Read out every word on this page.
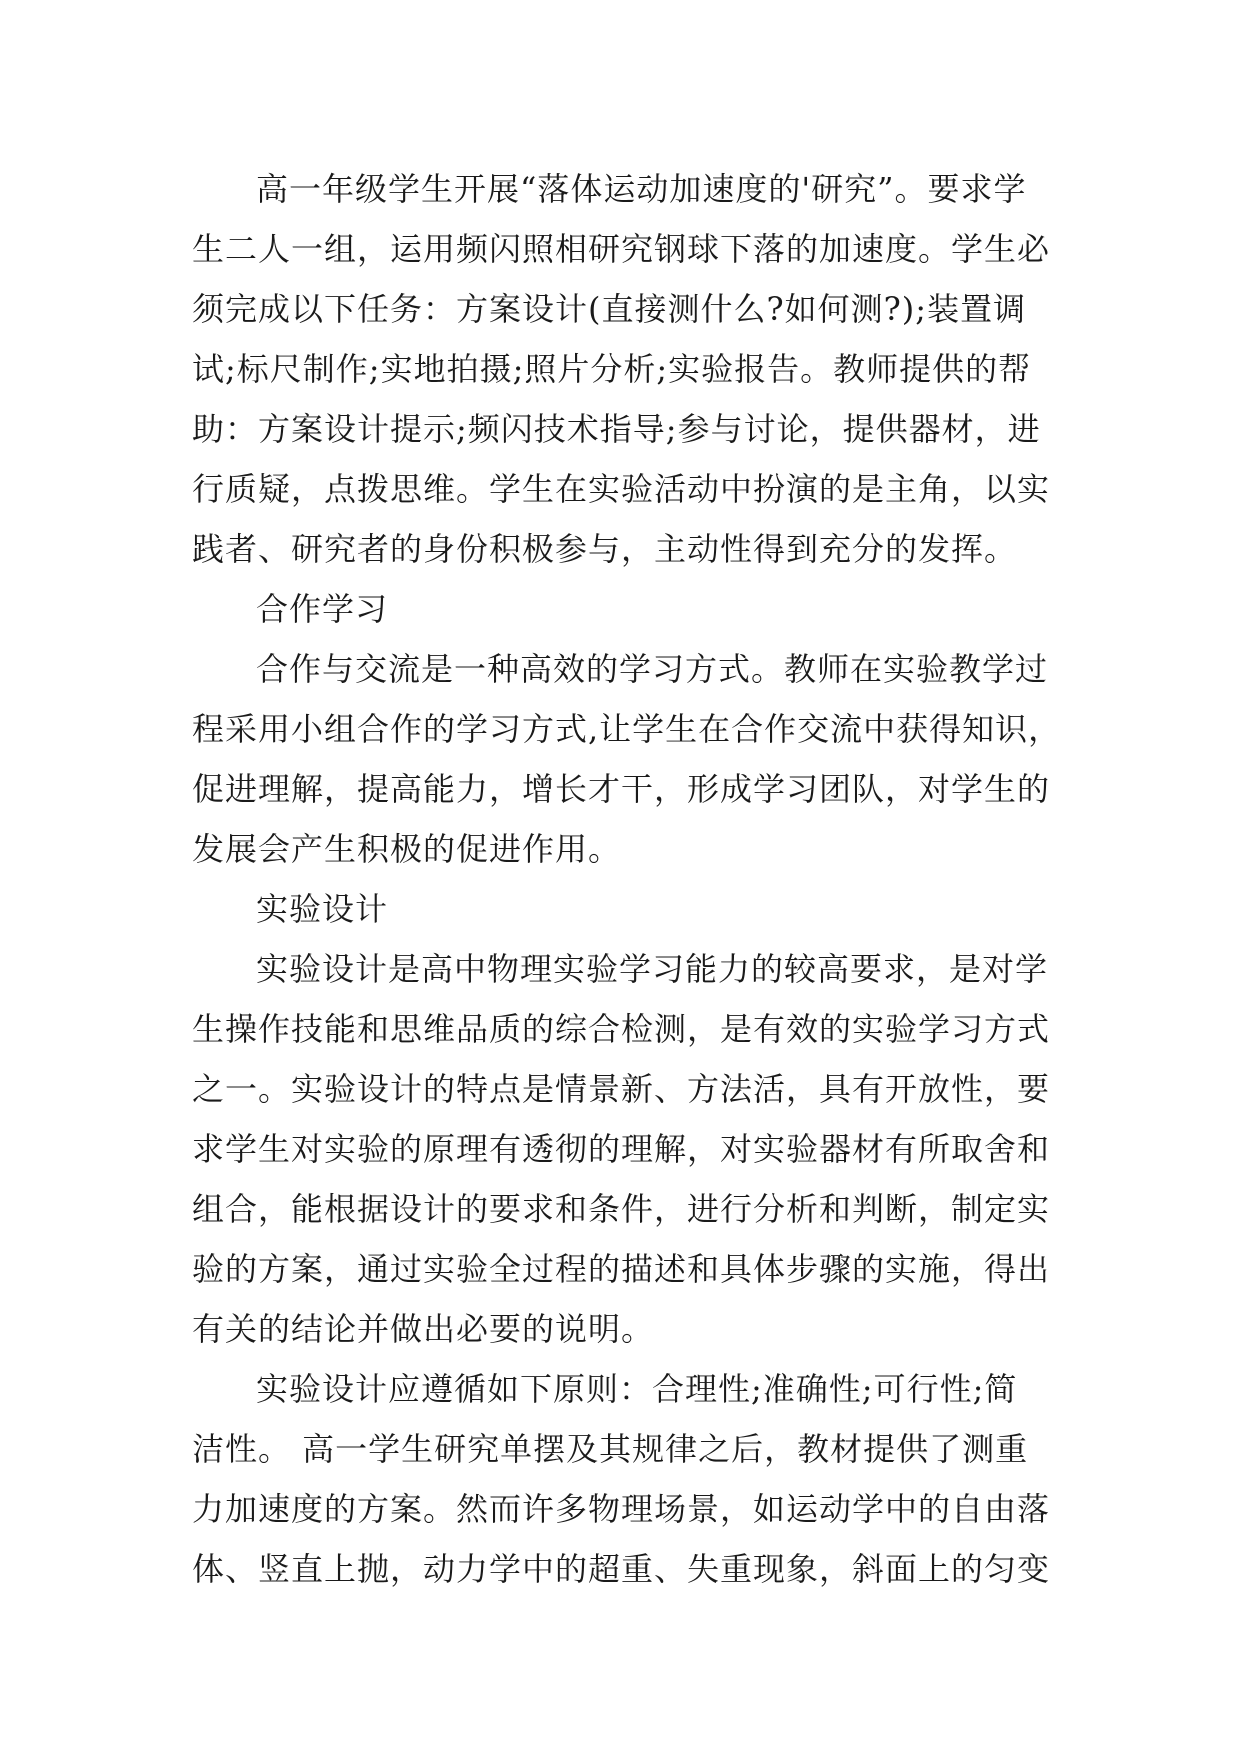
高一年级学生开展“落体运动加速度的'研究”。要求学
生二人一组，运用频闪照相研究钢球下落的加速度。学生必
须完成以下任务：方案设计(直接测什么?如何测?);装置调
试;标尺制作;实地拍摄;照片分析;实验报告。教师提供的帮
助：方案设计提示;频闪技术指导;参与讨论，提供器材，进
行质疑，点拨思维。学生在实验活动中扮演的是主角，以实
践者、研究者的身份积极参与，主动性得到充分的发挥。
合作学习
合作与交流是一种高效的学习方式。教师在实验教学过
程采用小组合作的学习方式,让学生在合作交流中获得知识，
促进理解，提高能力，增长才干，形成学习团队，对学生的
发展会产生积极的促进作用。
实验设计
实验设计是高中物理实验学习能力的较高要求，是对学
生操作技能和思维品质的综合检测，是有效的实验学习方式
之一。实验设计的特点是情景新、方法活，具有开放性，要
求学生对实验的原理有透彻的理解，对实验器材有所取舍和
组合，能根据设计的要求和条件，进行分析和判断，制定实
验的方案，通过实验全过程的描述和具体步骤的实施，得出
有关的结论并做出必要的说明。
实验设计应遵循如下原则：合理性;准确性;可行性;简
洁性。 高一学生研究单摆及其规律之后，教材提供了测重
力加速度的方案。然而许多物理场景，如运动学中的自由落
体、竖直上抛，动力学中的超重、失重现象，斜面上的匀变
